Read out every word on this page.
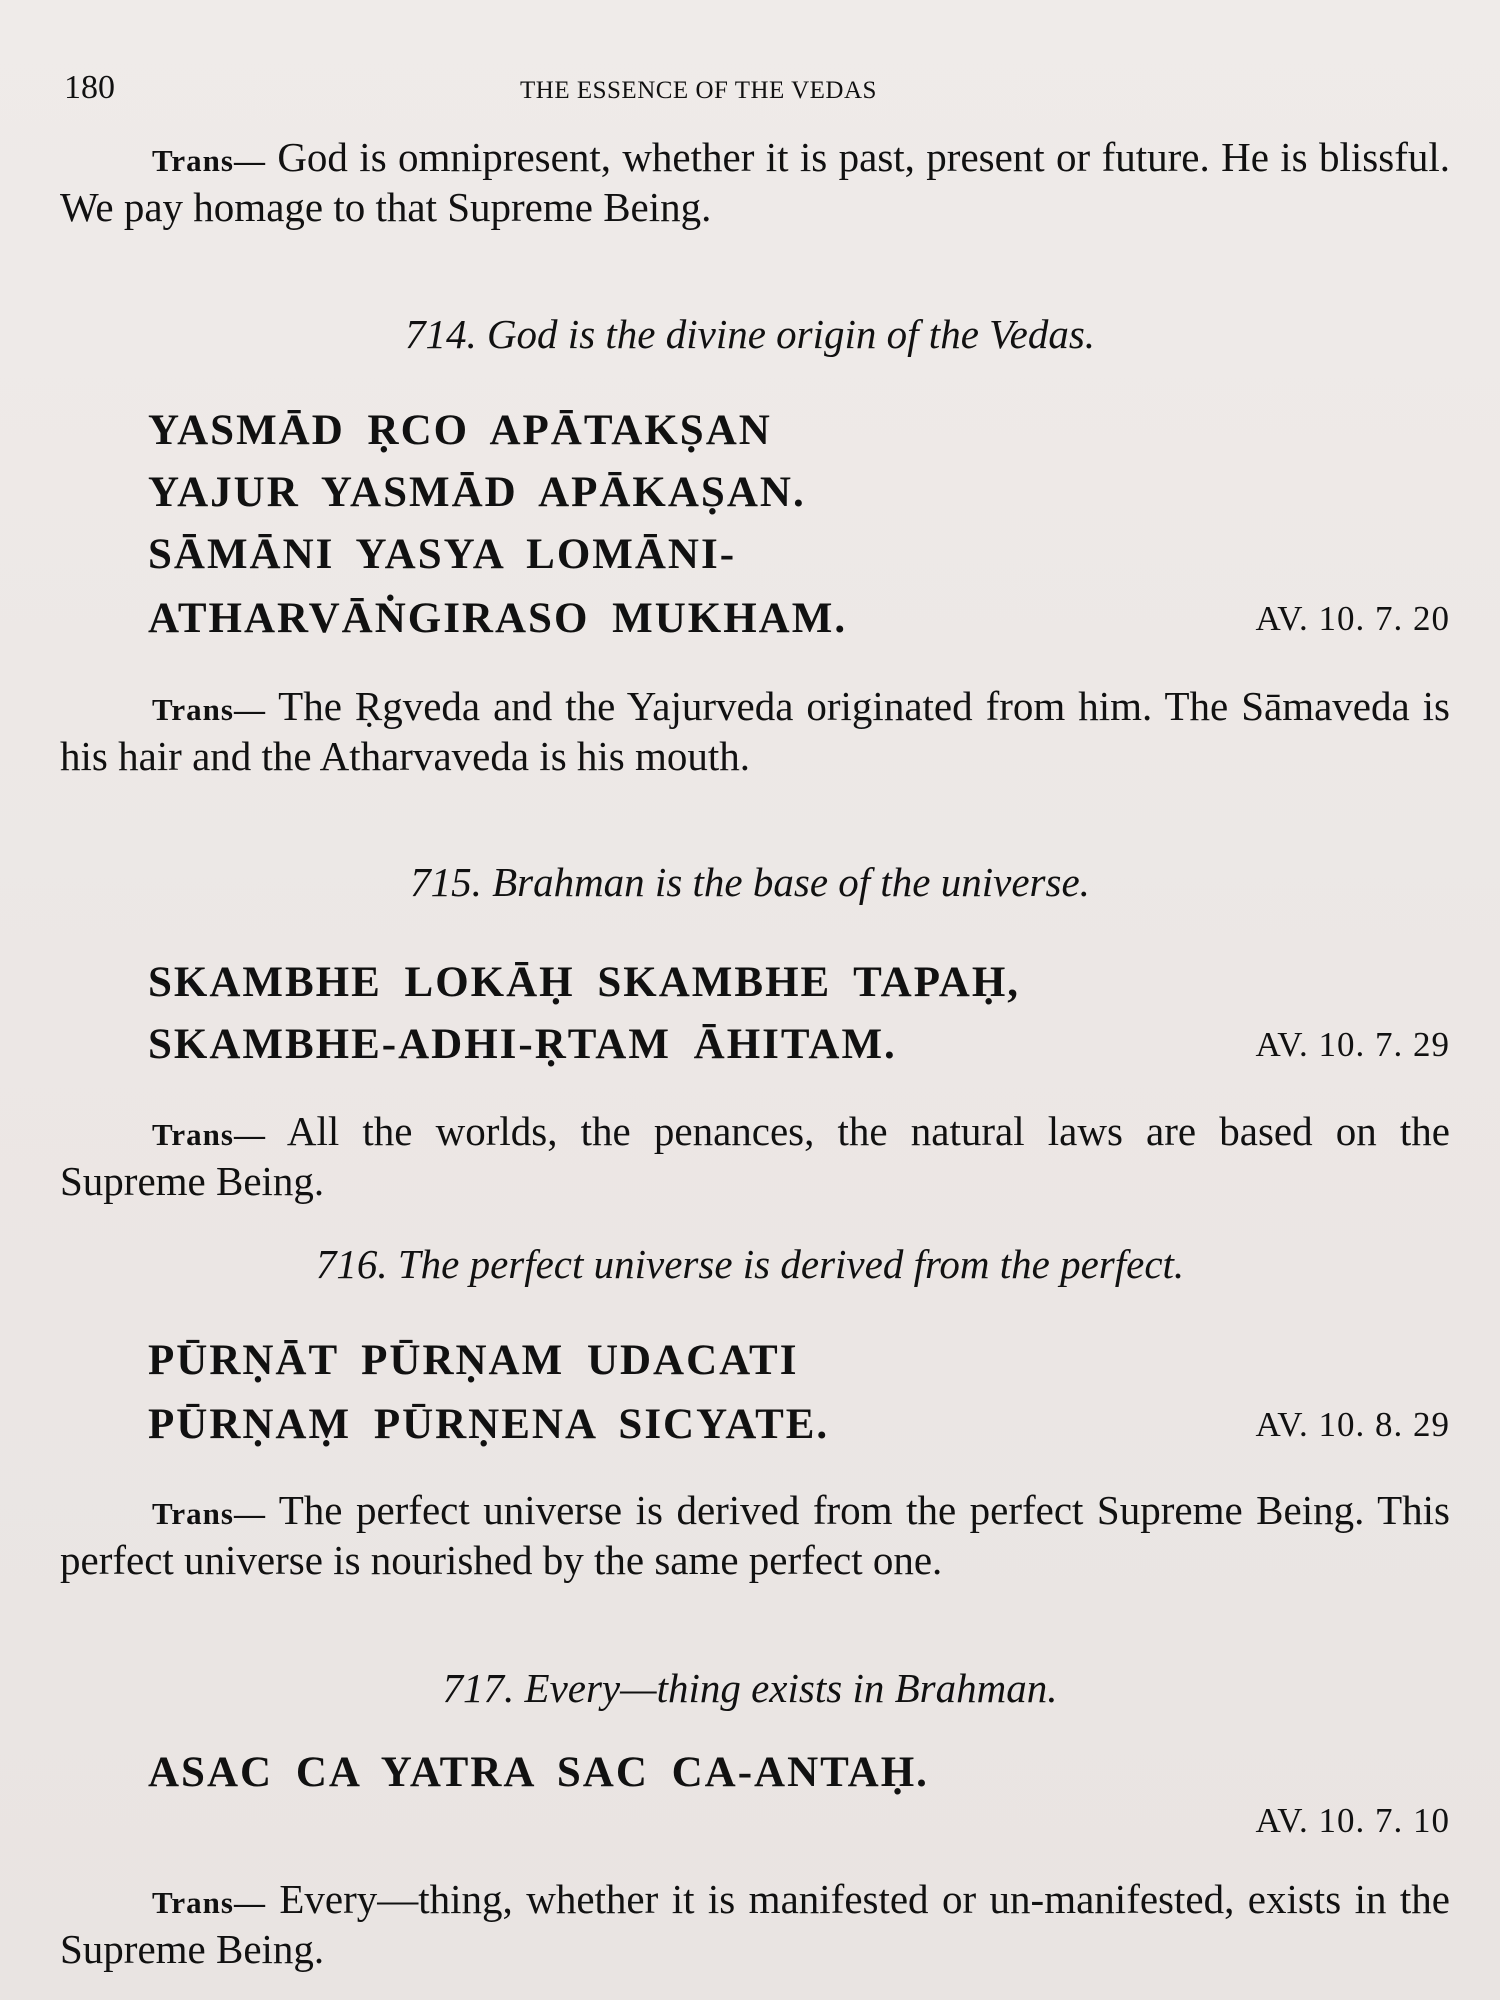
180	THE ESSENCE OF THE VEDAS
Trans— God is omnipresent, whether it is past, present or future. He is blissful. We pay homage to that Supreme Being.
714. God is the divine origin of the Vedas.
YASMĀD ṚCO APĀTAKṢAN
YAJUR YASMĀD APĀKAṢAN.
SĀMĀNI YASYA LOMĀNI-
ATHARVĀṄGIRASO MUKHAM.	AV. 10. 7. 20
Trans— The Ṛgveda and the Yajurveda originated from him. The Sāmaveda is his hair and the Atharvaveda is his mouth.
715. Brahman is the base of the universe.
SKAMBHE LOKĀḤ SKAMBHE TAPAḤ,
SKAMBHE-ADHI-ṚTAM ĀHITAM.	AV. 10. 7. 29
Trans— All the worlds, the penances, the natural laws are based on the Supreme Being.
716. The perfect universe is derived from the perfect.
PŪRṆĀT PŪRṆAM UDACATI
PŪRṆAṂ PŪRṆENA SICYATE.	AV. 10. 8. 29
Trans— The perfect universe is derived from the perfect Supreme Being. This perfect universe is nourished by the same perfect one.
717. Every—thing exists in Brahman.
ASAC CA YATRA SAC CA-ANTAḤ.
AV. 10. 7. 10
Trans— Every—thing, whether it is manifested or un-manifested, exists in the Supreme Being.
